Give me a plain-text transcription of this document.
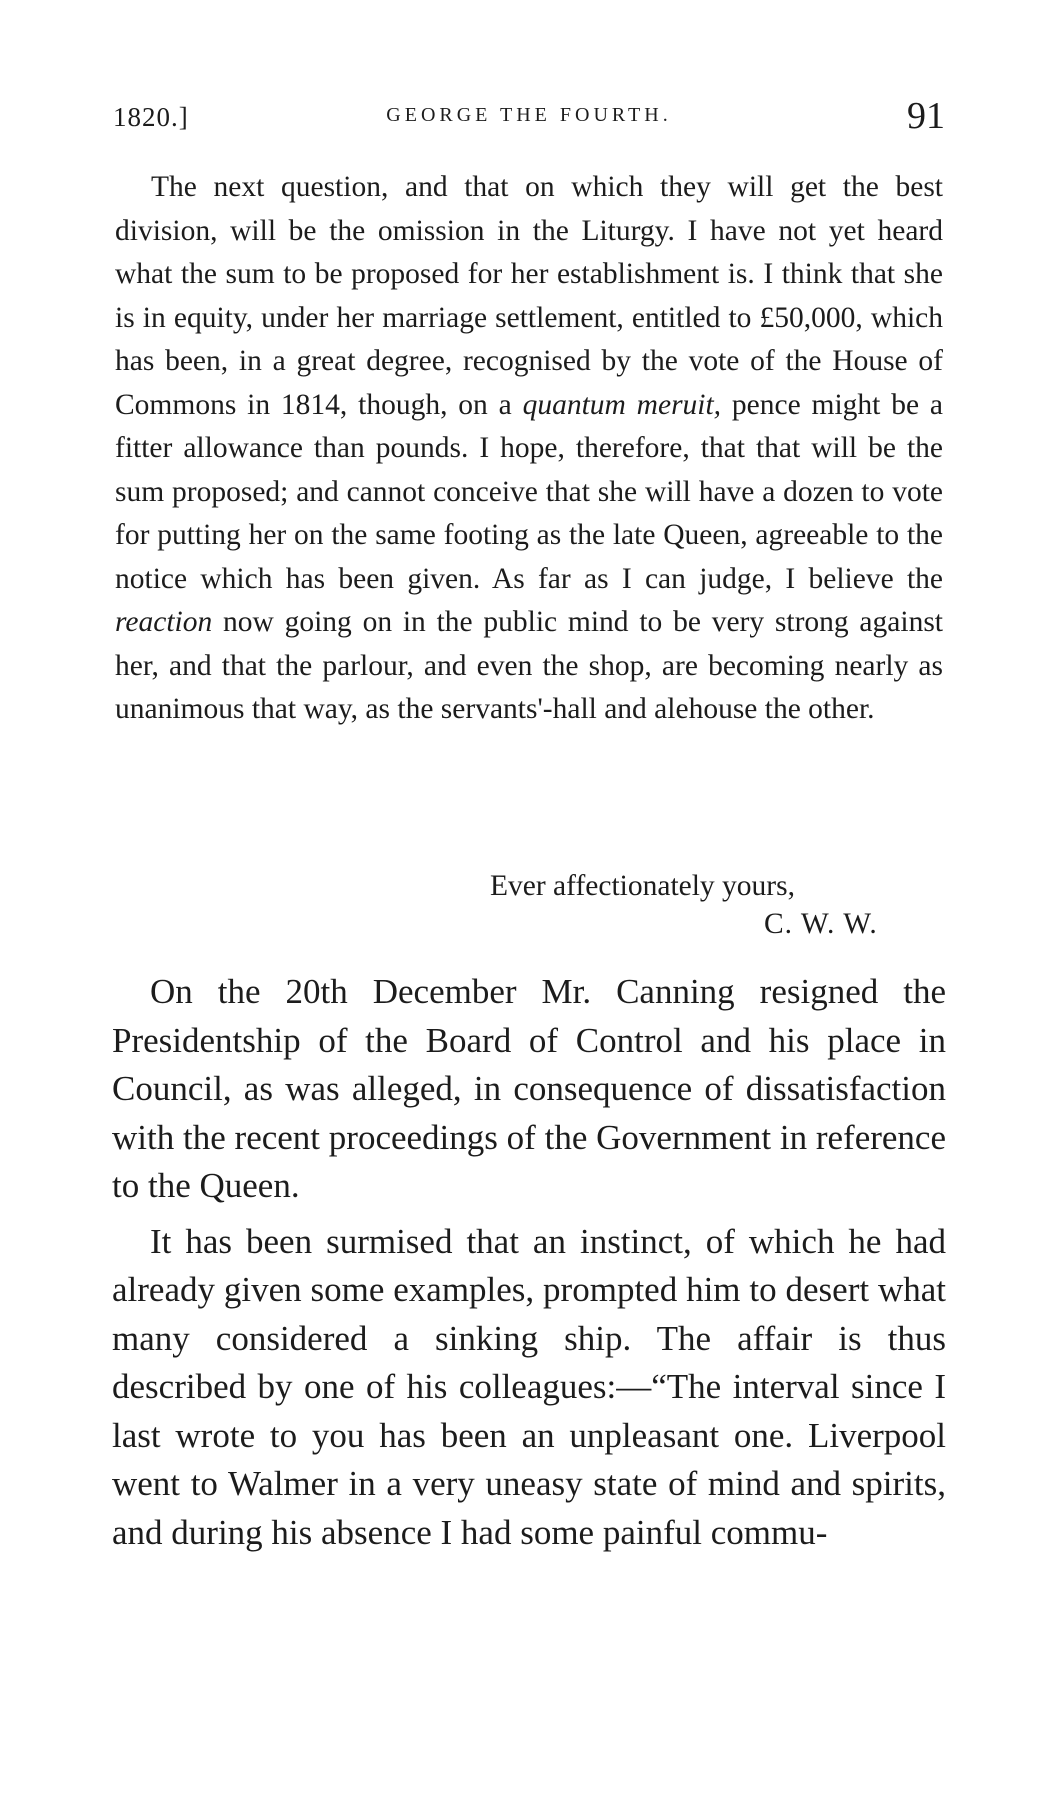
1820.]	GEORGE THE FOURTH.	91

The next question, and that on which they will get the best division, will be the omission in the Liturgy. I have not yet heard what the sum to be proposed for her establishment is. I think that she is in equity, under her marriage settlement, entitled to £50,000, which has been, in a great degree, recognised by the vote of the House of Commons in 1814, though, on a quantum meruit, pence might be a fitter allowance than pounds. I hope, therefore, that that will be the sum proposed; and cannot conceive that she will have a dozen to vote for putting her on the same footing as the late Queen, agreeable to the notice which has been given. As far as I can judge, I believe the reaction now going on in the public mind to be very strong against her, and that the parlour, and even the shop, are becoming nearly as unanimous that way, as the servants'-hall and alehouse the other.

Ever affectionately yours,
C. W. W.

On the 20th December Mr. Canning resigned the Presidentship of the Board of Control and his place in Council, as was alleged, in consequence of dissatisfaction with the recent proceedings of the Government in reference to the Queen.

It has been surmised that an instinct, of which he had already given some examples, prompted him to desert what many considered a sinking ship. The affair is thus described by one of his colleagues:—“The interval since I last wrote to you has been an unpleasant one. Liverpool went to Walmer in a very uneasy state of mind and spirits, and during his absence I had some painful commu-
